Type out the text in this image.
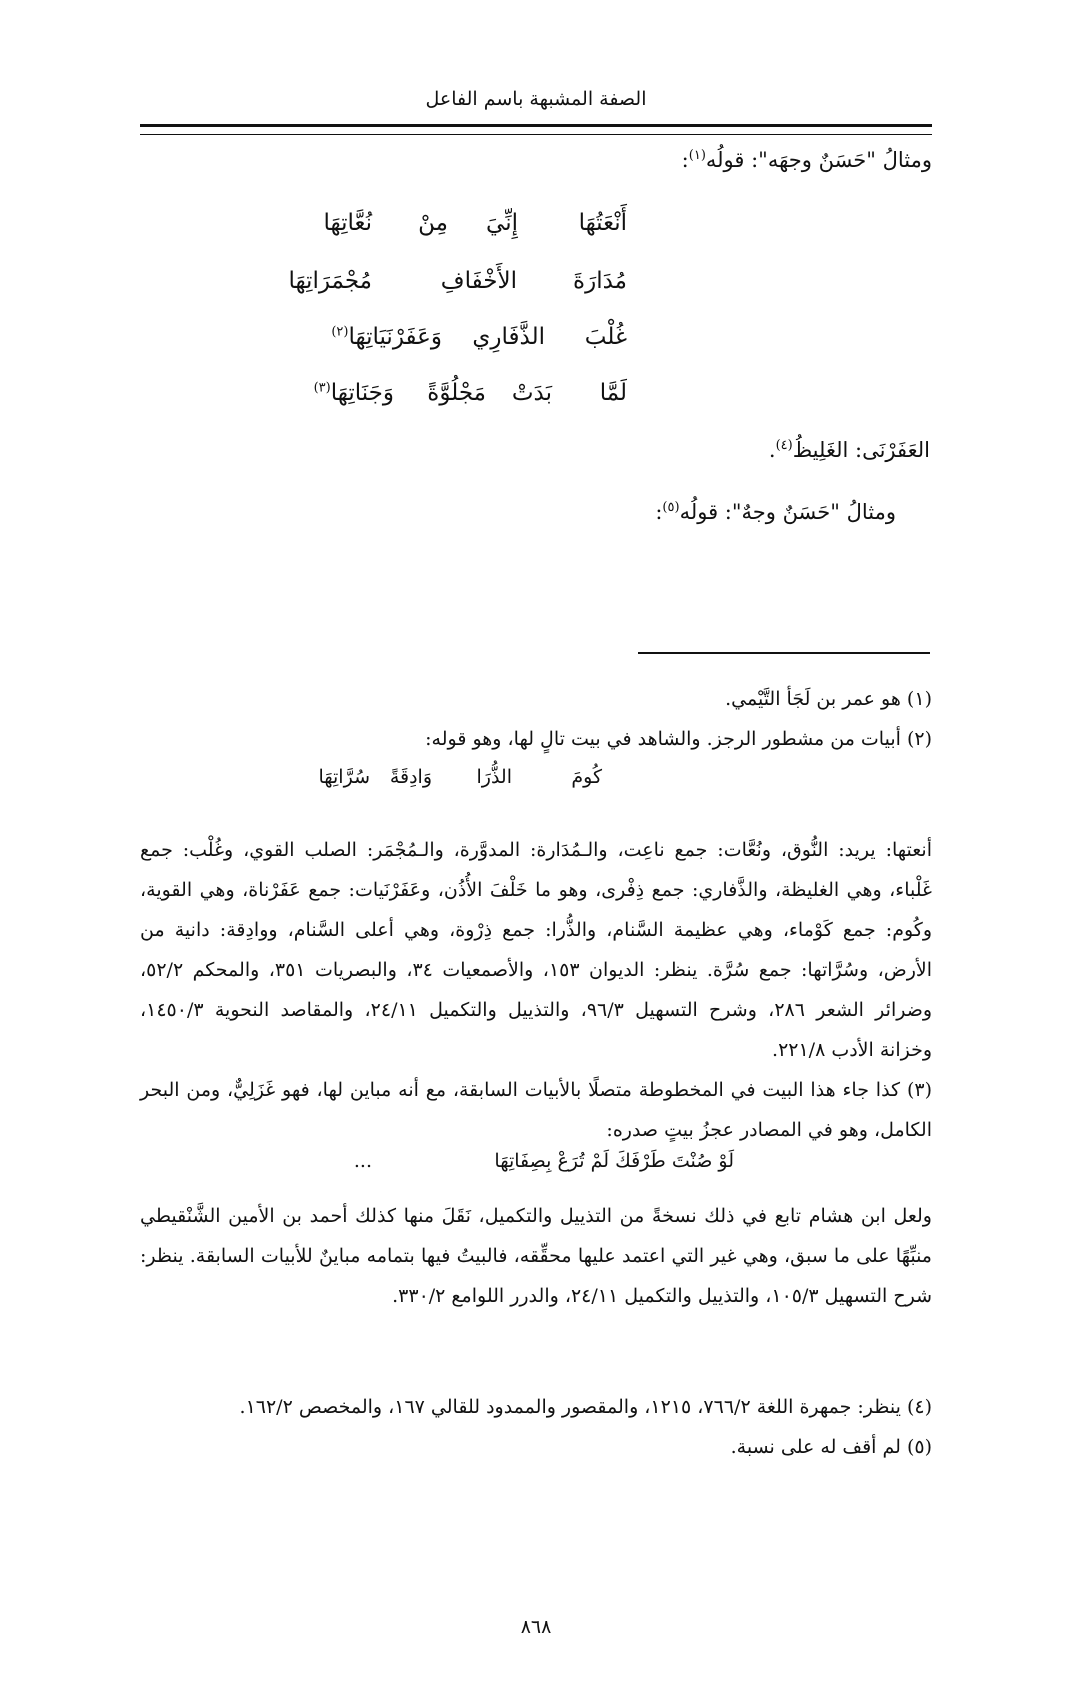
الصفة المشبهة باسم الفاعل
ومثالُ "حَسَنٌ وجهَه": قولُه$^{(١)}$:
أَنْعَتُهَا
إِنِّيَ
مِنْ
نُعَّاتِهَا
مُدَارَةَ
الأَخْفَافِ
مُجْمَرَاتِهَا
غُلْبَ
الذَّفَارِي
وَعَفَرْنَيَاتِهَا$^{(٢)}$
لَمَّا
بَدَتْ
مَجْلُوَّةً
وَجَنَاتِهَا$^{(٣)}$
العَفَرْنَى: الغَلِيظُ$^{(٤)}$.
ومثالُ "حَسَنٌ وجهٌ": قولُه$^{(٥)}$:
(١) هو عمر بن لَجَأ التَّيْمي.
(٢) أبيات من مشطور الرجز. والشاهد في بيت تالٍ لها، وهو قوله:
كُومَ
الذُّرَا
وَادِقَةً
سُرَّاتِهَا
أنعتها: يريد: النُّوق، ونُعَّات: جمع ناعِت، والـمُدَارة: المدوَّرة، والـمُجْمَر: الصلب القوي، وغُلْب: جمع غَلْباء، وهي الغليظة، والذَّفاري: جمع ذِفْرى، وهو ما خَلْفَ الأُذُن، وعَفَرْنَيات: جمع عَفَرْناة، وهي القوية، وكُوم: جمع كَوْماء، وهي عظيمة السَّنام، والذُّرا: جمع ذِرْوة، وهي أعلى السَّنام، ووادِقة: دانية من الأرض، وسُرَّاتها: جمع سُرَّة. ينظر: الديوان ١٥٣، والأصمعيات ٣٤، والبصريات ٣٥١، والمحكم ٥٢/٢، وضرائر الشعر ٢٨٦، وشرح التسهيل ٩٦/٣، والتذييل والتكميل ٢٤/١١، والمقاصد النحوية ١٤٥٠/٣، وخزانة الأدب ٢٢١/٨.
(٣) كذا جاء هذا البيت في المخطوطة متصلًا بالأبيات السابقة، مع أنه مباين لها، فهو غَزَلِيٌّ، ومن البحر الكامل، وهو في المصادر عجزُ بيتٍ صدره:
لَوْ صُنْتَ طَرْفَكَ لَمْ تُرَعْ بِصِفَاتِهَا
...
ولعل ابن هشام تابع في ذلك نسخةً من التذييل والتكميل، نَقَلَ منها كذلك أحمد بن الأمين الشَّنْقيطي منبِّهًا على ما سبق، وهي غير التي اعتمد عليها محقِّقه، فالبيتُ فيها بتمامه مباينٌ للأبيات السابقة. ينظر: شرح التسهيل ١٠٥/٣، والتذييل والتكميل ٢٤/١١، والدرر اللوامع ٣٣٠/٢.
(٤) ينظر: جمهرة اللغة ٧٦٦/٢، ١٢١٥، والمقصور والممدود للقالي ١٦٧، والمخصص ١٦٢/٢.
(٥) لم أقف له على نسبة.
٨٦٨
